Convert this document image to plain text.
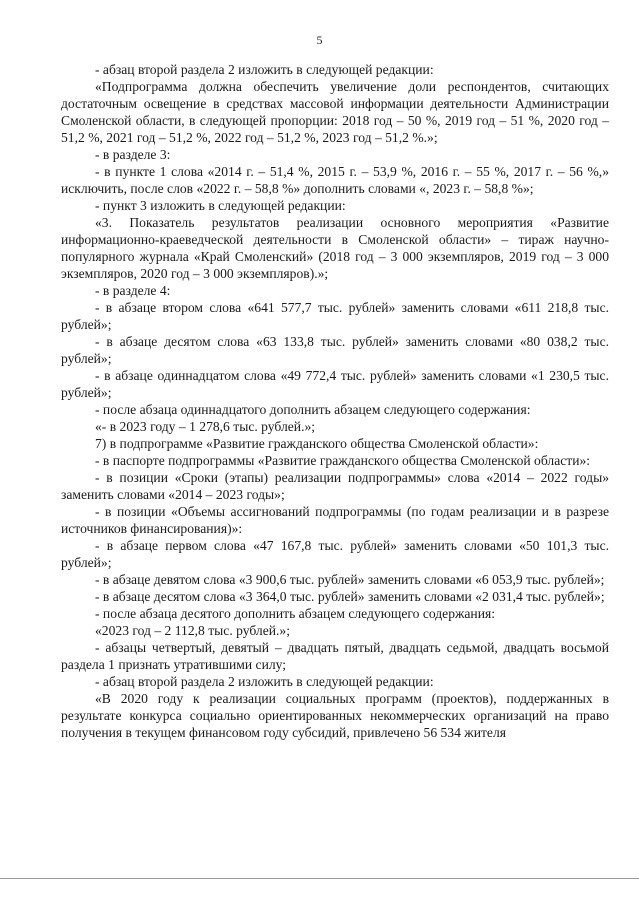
5

- абзац второй раздела 2 изложить в следующей редакции:

«Подпрограмма должна обеспечить увеличение доли респондентов, считающих достаточным освещение в средствах массовой информации деятельности Администрации Смоленской области, в следующей пропорции: 2018 год – 50 %, 2019 год – 51 %, 2020 год – 51,2 %, 2021 год – 51,2 %, 2022 год – 51,2 %, 2023 год – 51,2 %.»;

- в разделе 3:

- в пункте 1 слова «2014 г. – 51,4 %, 2015 г. – 53,9 %, 2016 г. – 55 %, 2017 г. – 56 %,» исключить, после слов «2022 г. – 58,8 %» дополнить словами «, 2023 г. – 58,8 %»;

- пункт 3 изложить в следующей редакции:

«3. Показатель результатов реализации основного мероприятия «Развитие информационно-краеведческой деятельности в Смоленской области» – тираж научно-популярного журнала «Край Смоленский» (2018 год – 3 000 экземпляров, 2019 год – 3 000 экземпляров, 2020 год – 3 000 экземпляров).»;

- в разделе 4:

- в абзаце втором слова «641 577,7 тыс. рублей» заменить словами «611 218,8 тыс. рублей»;

- в абзаце десятом слова «63 133,8 тыс. рублей» заменить словами «80 038,2 тыс. рублей»;

- в абзаце одиннадцатом слова «49 772,4 тыс. рублей» заменить словами «1 230,5 тыс. рублей»;

- после абзаца одиннадцатого дополнить абзацем следующего содержания:

«- в 2023 году – 1 278,6 тыс. рублей.»;

7) в подпрограмме «Развитие гражданского общества Смоленской области»:

- в паспорте подпрограммы «Развитие гражданского общества Смоленской области»:

- в позиции «Сроки (этапы) реализации подпрограммы» слова «2014 – 2022 годы» заменить словами «2014 – 2023 годы»;

- в позиции «Объемы ассигнований подпрограммы (по годам реализации и в разрезе источников финансирования)»:

- в абзаце первом слова «47 167,8 тыс. рублей» заменить словами «50 101,3 тыс. рублей»;

- в абзаце девятом слова «3 900,6 тыс. рублей» заменить словами «6 053,9 тыс. рублей»;

- в абзаце десятом слова «3 364,0 тыс. рублей» заменить словами «2 031,4 тыс. рублей»;

- после абзаца десятого дополнить абзацем следующего содержания:

«2023 год – 2 112,8 тыс. рублей.»;

- абзацы четвертый, девятый – двадцать пятый, двадцать седьмой, двадцать восьмой раздела 1 признать утратившими силу;

- абзац второй раздела 2 изложить в следующей редакции:

«В 2020 году к реализации социальных программ (проектов), поддержанных в результате конкурса социально ориентированных некоммерческих организаций на право получения в текущем финансовом году субсидий, привлечено 56 534 жителя
